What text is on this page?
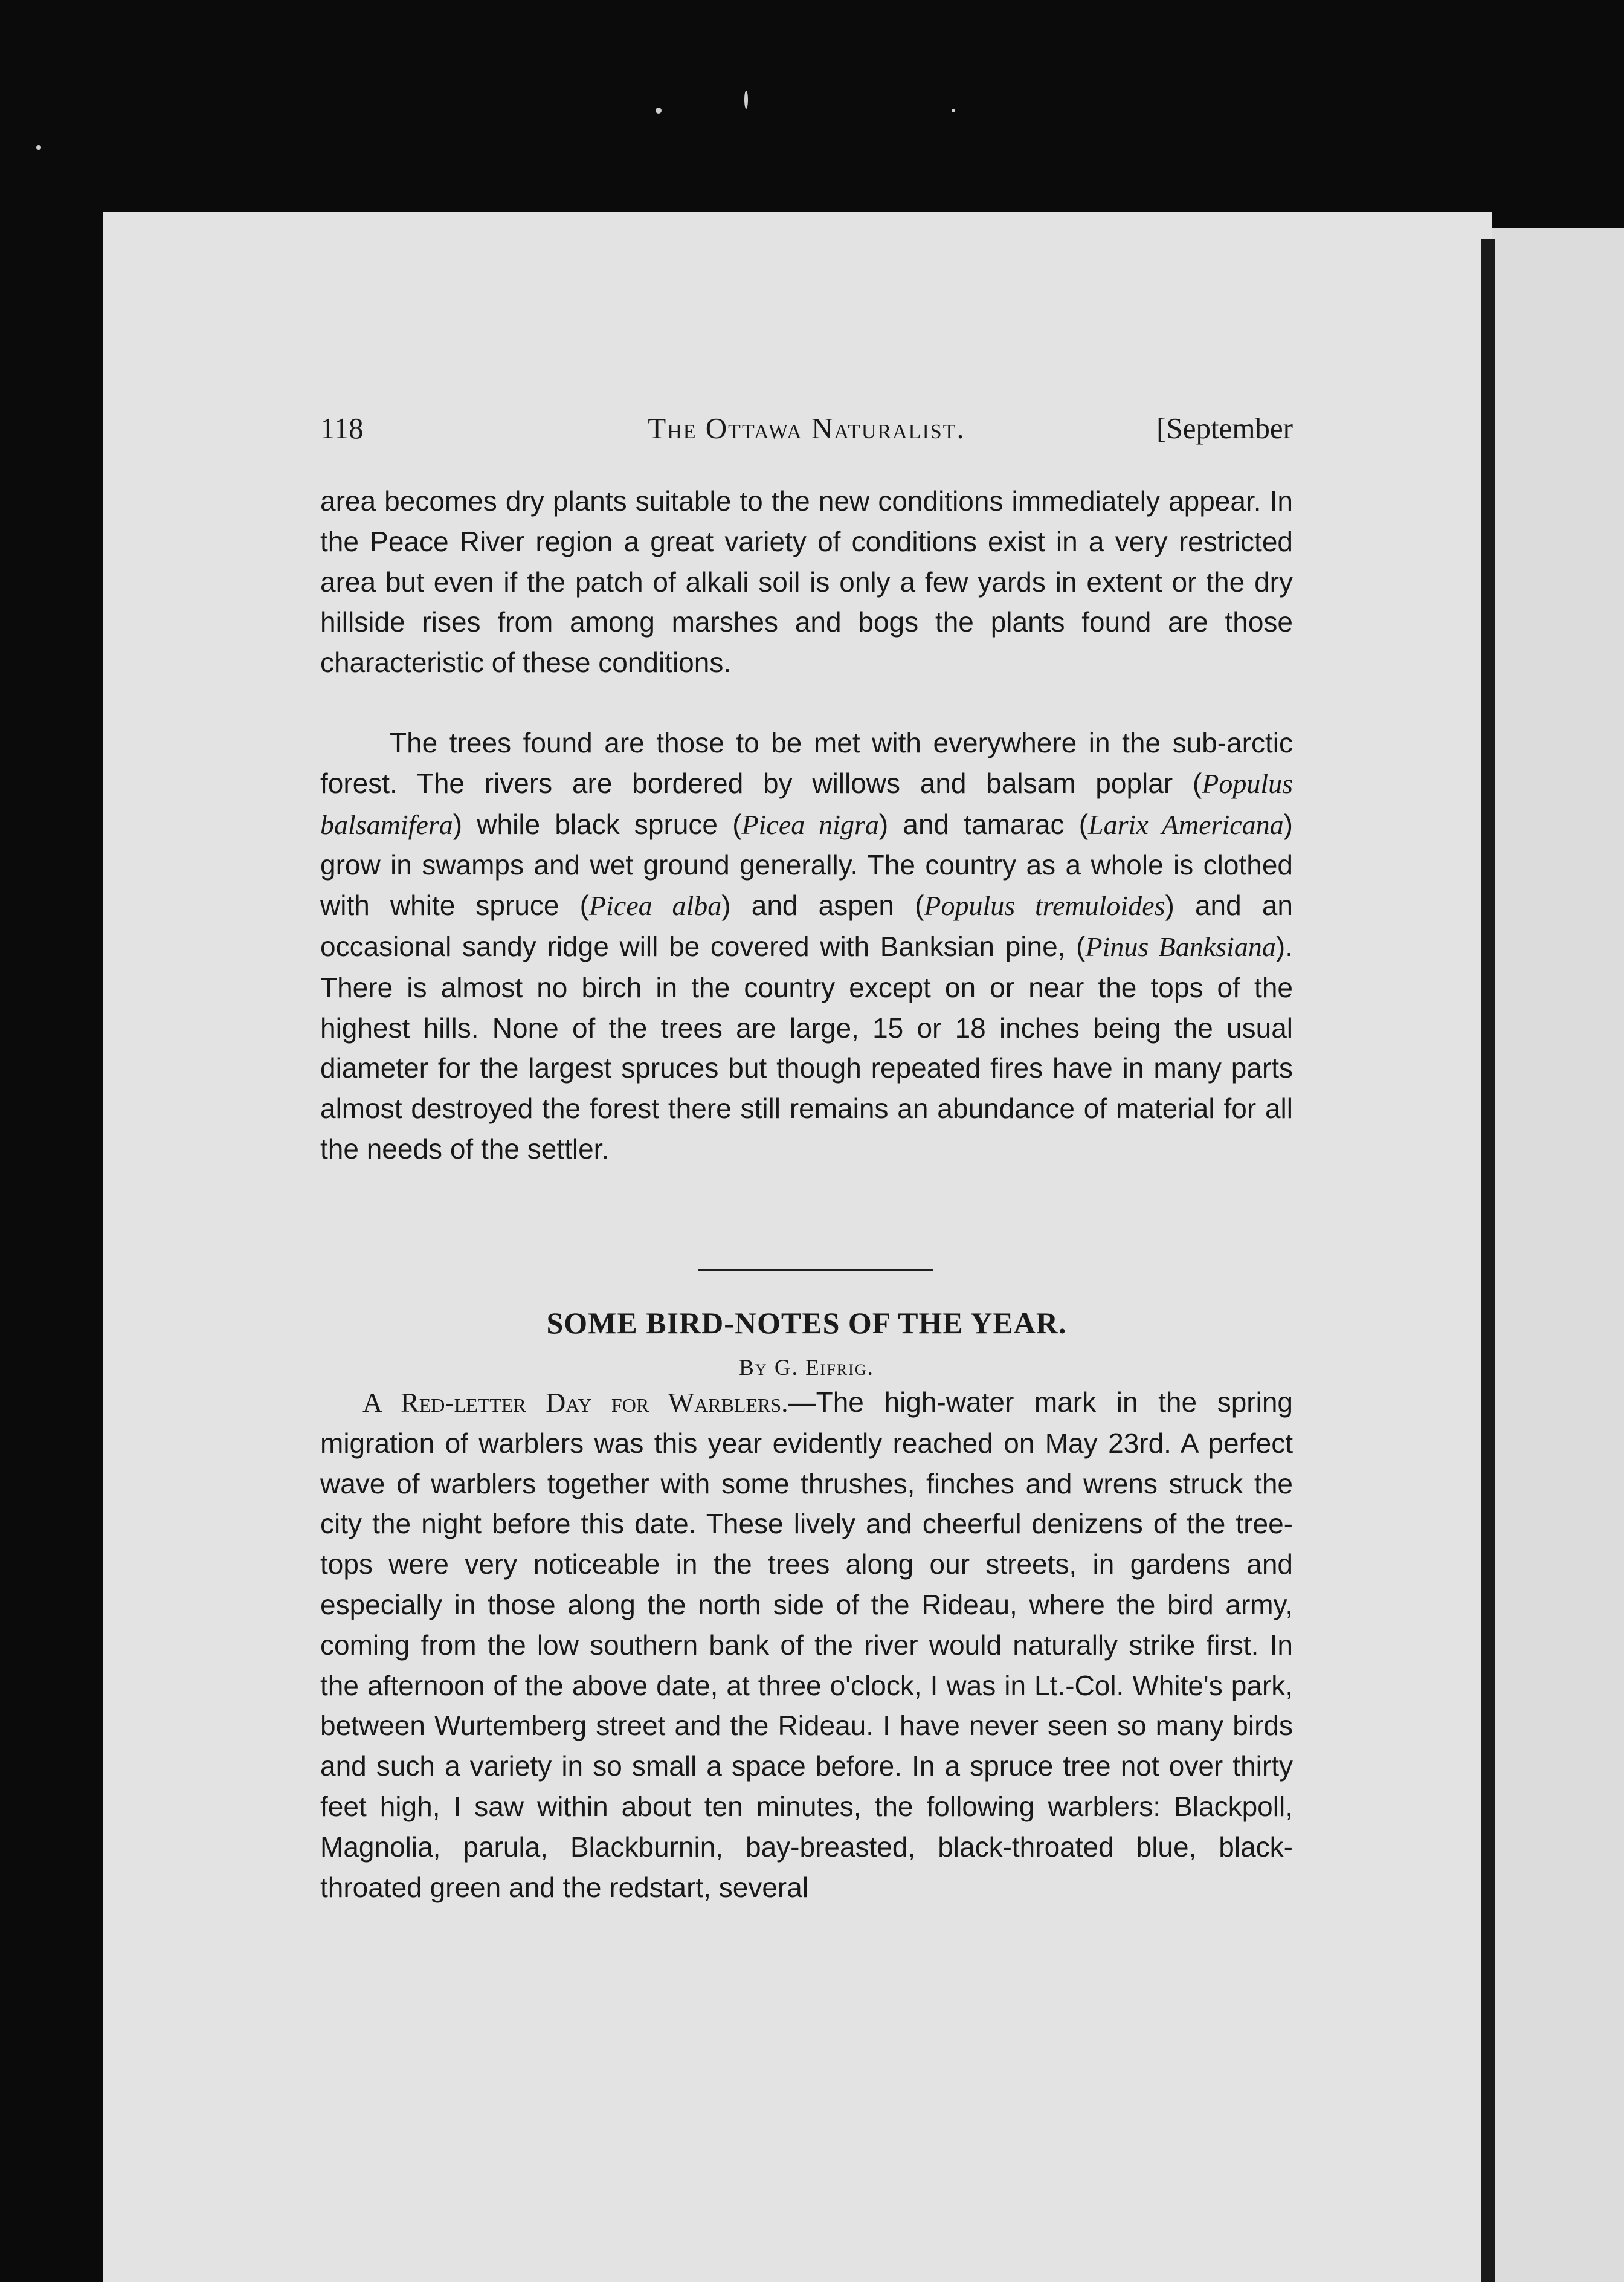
118	The Ottawa Naturalist.	[September

area becomes dry plants suitable to the new conditions immediately appear. In the Peace River region a great variety of conditions exist in a very restricted area but even if the patch of alkali soil is only a few yards in extent or the dry hillside rises from among marshes and bogs the plants found are those characteristic of these conditions.

The trees found are those to be met with everywhere in the sub-arctic forest. The rivers are bordered by willows and balsam poplar (Populus balsamifera) while black spruce (Picea nigra) and tamarac (Larix Americana) grow in swamps and wet ground generally. The country as a whole is clothed with white spruce (Picea alba) and aspen (Populus tremuloides) and an occasional sandy ridge will be covered with Banksian pine, (Pinus Banksiana). There is almost no birch in the country except on or near the tops of the highest hills. None of the trees are large, 15 or 18 inches being the usual diameter for the largest spruces but though repeated fires have in many parts almost destroyed the forest there still remains an abundance of material for all the needs of the settler.

SOME BIRD-NOTES OF THE YEAR.
By G. Eifrig.

A Red-letter Day for Warblers.—The high-water mark in the spring migration of warblers was this year evidently reached on May 23rd. A perfect wave of warblers together with some thrushes, finches and wrens struck the city the night before this date. These lively and cheerful denizens of the tree-tops were very noticeable in the trees along our streets, in gardens and especially in those along the north side of the Rideau, where the bird army, coming from the low southern bank of the river would naturally strike first. In the afternoon of the above date, at three o'clock, I was in Lt.-Col. White's park, between Wurtemberg street and the Rideau. I have never seen so many birds and such a variety in so small a space before. In a spruce tree not over thirty feet high, I saw within about ten minutes, the following warblers: Blackpoll, Magnolia, parula, Blackburnin, bay-breasted, black-throated blue, black-throated green and the redstart, several
